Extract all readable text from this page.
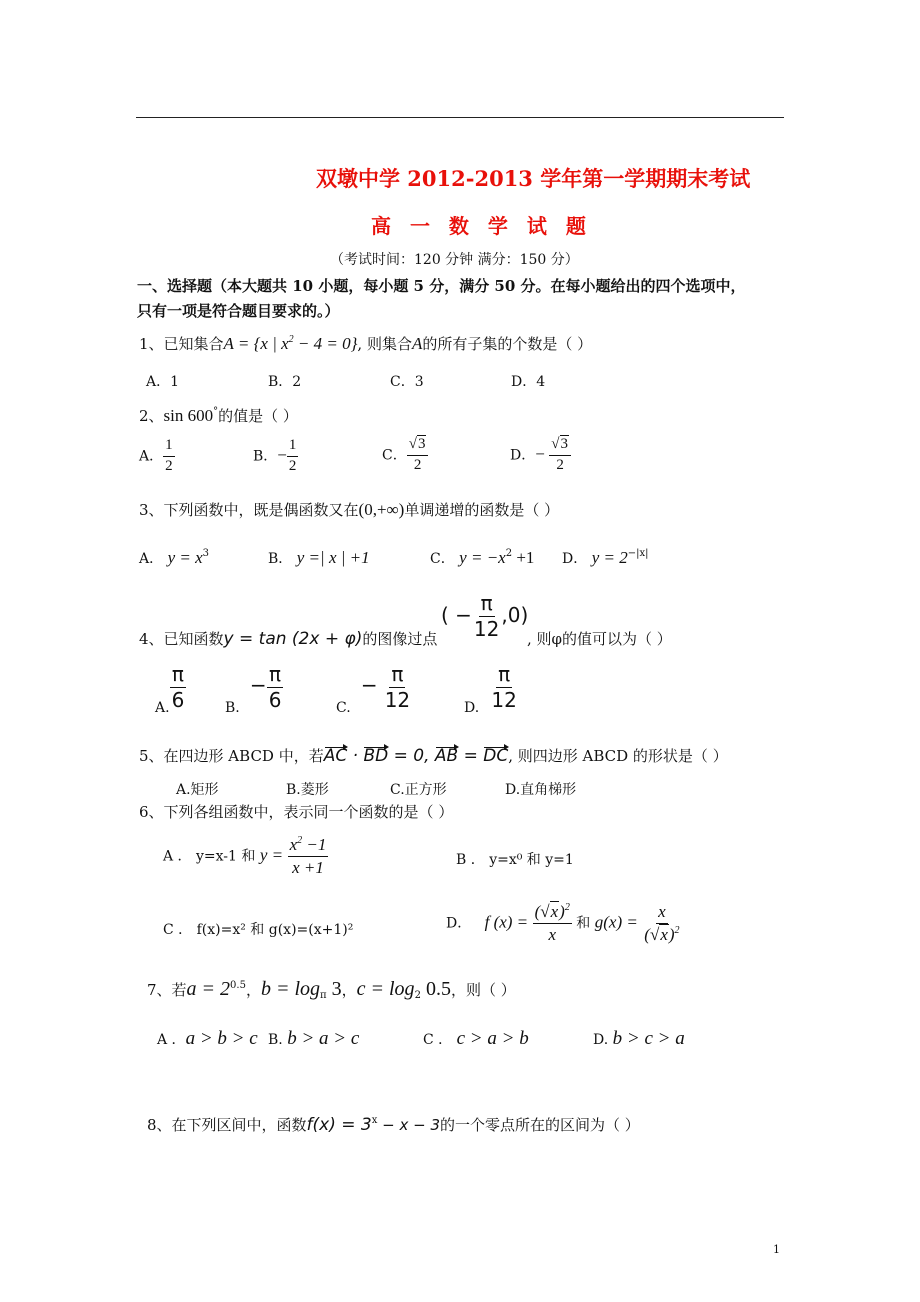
双墩中学 2012-2013 学年第一学期期末考试
高 一 数 学 试 题
（考试时间：120 分钟 满分：150 分）
一、选择题（本大题共 10 小题，每小题 5 分，满分 50 分。在每小题给出的四个选项中，
只有一项是符合题目要求的。）
1、已知集合A = {x | $x^2 - 4 = 0$}, 则集合A的所有子集的个数是（ ）
A．1	B．2	C．3	D．4
2、sin 600°的值是（ ）
A． $\frac{1}{2}$	B．− $\frac{1}{2}$	C． $\frac{√3}{2}$	D．− $\frac{√3}{2}$
3、下列函数中，既是偶函数又在(0,+∞)单调递增的函数是（ ）
A． $y = x^3$	B． y =| x | +1	C． $y = -x^2 +1$ D． $y = 2^{-|x|}$
4、已知函数y = tan (2x + φ)的图像过点
( − $\frac{\pi}{12} ,0$)
, 则φ的值可以为（ ）
A. $\frac{\pi}{6}$	B.  − $\frac{\pi}{6}$	C.  − $\frac{\pi}{12}$	D. $\frac{\pi}{12}$
5、在四边形 ABCD 中，若AC · BD = 0, AB = DC, 则四边形 ABCD 的形状是（ ）
A.矩形	B.菱形	C.正方形	D.直角梯形
6、下列各组函数中，表示同一个函数的是（ ）
A ． y=x-1 和 $y = \frac{x^2 -1}{x +1}$	B ． y=x⁰ 和 y=1
C ． f(x)=x² 和 g(x)=(x+1)²	D． f $(x) = \frac{(√x)^2}{x}$ 和 $g(x) = \frac{x}{(√x)^2}$
7、若$a = 2^{0.5}$，$b = \log_\pi 3$，$c = \log_2 0.5$，则（ ）
A ．a > b > c B. b > a > c	C ． c > a > b	D. b > c > a
8、在下列区间中，函数$f(x) = 3^x - x - 3$的一个零点所在的区间为（ ）
1
